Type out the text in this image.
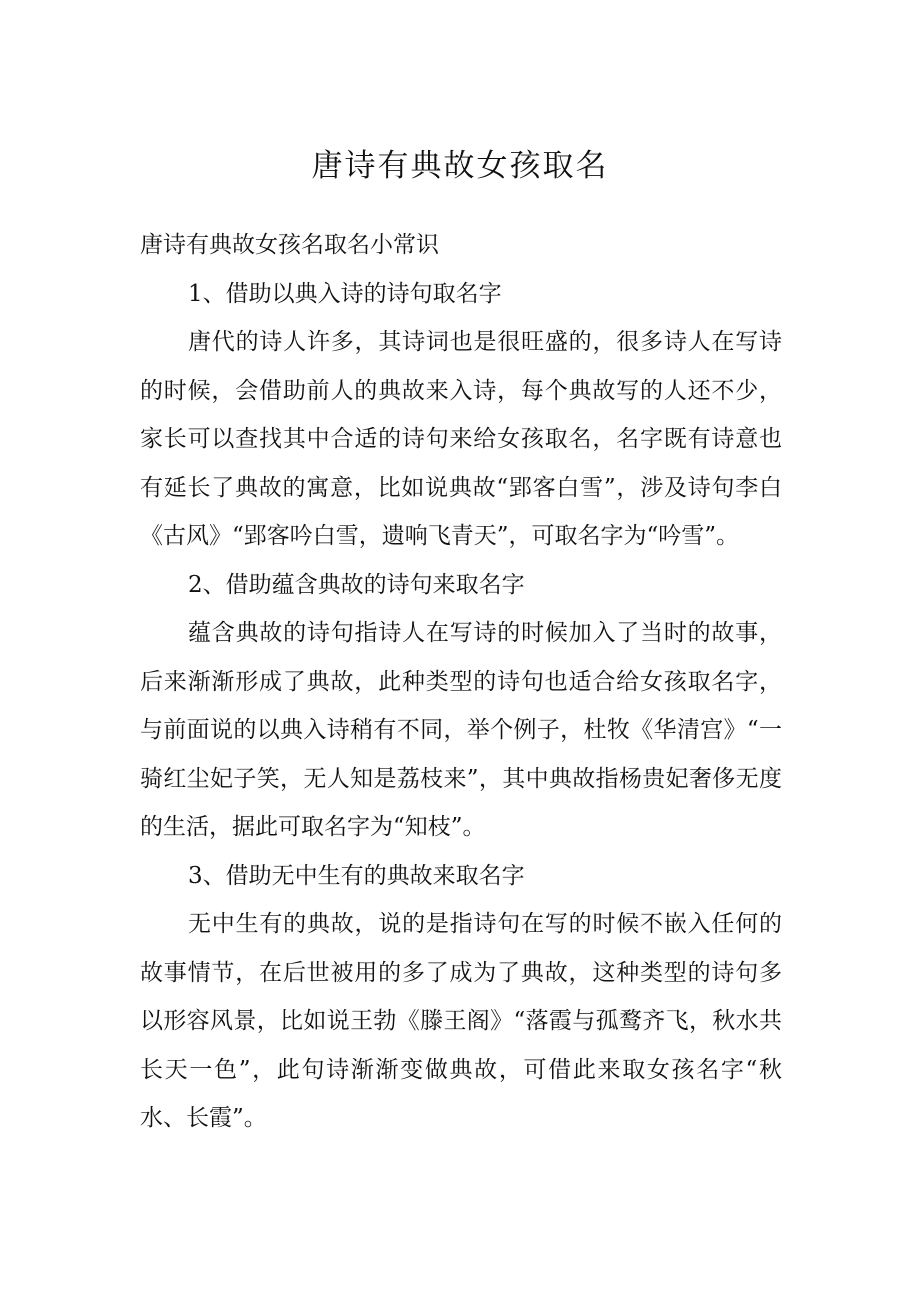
唐诗有典故女孩取名

唐诗有典故女孩名取名小常识

1、借助以典入诗的诗句取名字

唐代的诗人许多，其诗词也是很旺盛的，很多诗人在写诗的时候，会借助前人的典故来入诗，每个典故写的人还不少，家长可以查找其中合适的诗句来给女孩取名，名字既有诗意也有延长了典故的寓意，比如说典故“郢客白雪”，涉及诗句李白《古风》“郢客吟白雪，遗响飞青天”，可取名字为“吟雪”。

2、借助蕴含典故的诗句来取名字

蕴含典故的诗句指诗人在写诗的时候加入了当时的故事，后来渐渐形成了典故，此种类型的诗句也适合给女孩取名字，与前面说的以典入诗稍有不同，举个例子，杜牧《华清宫》“一骑红尘妃子笑，无人知是荔枝来”，其中典故指杨贵妃奢侈无度的生活，据此可取名字为“知枝”。

3、借助无中生有的典故来取名字

无中生有的典故，说的是指诗句在写的时候不嵌入任何的故事情节，在后世被用的多了成为了典故，这种类型的诗句多以形容风景，比如说王勃《滕王阁》“落霞与孤鹜齐飞，秋水共长天一色”，此句诗渐渐变做典故，可借此来取女孩名字“秋水、长霞”。
